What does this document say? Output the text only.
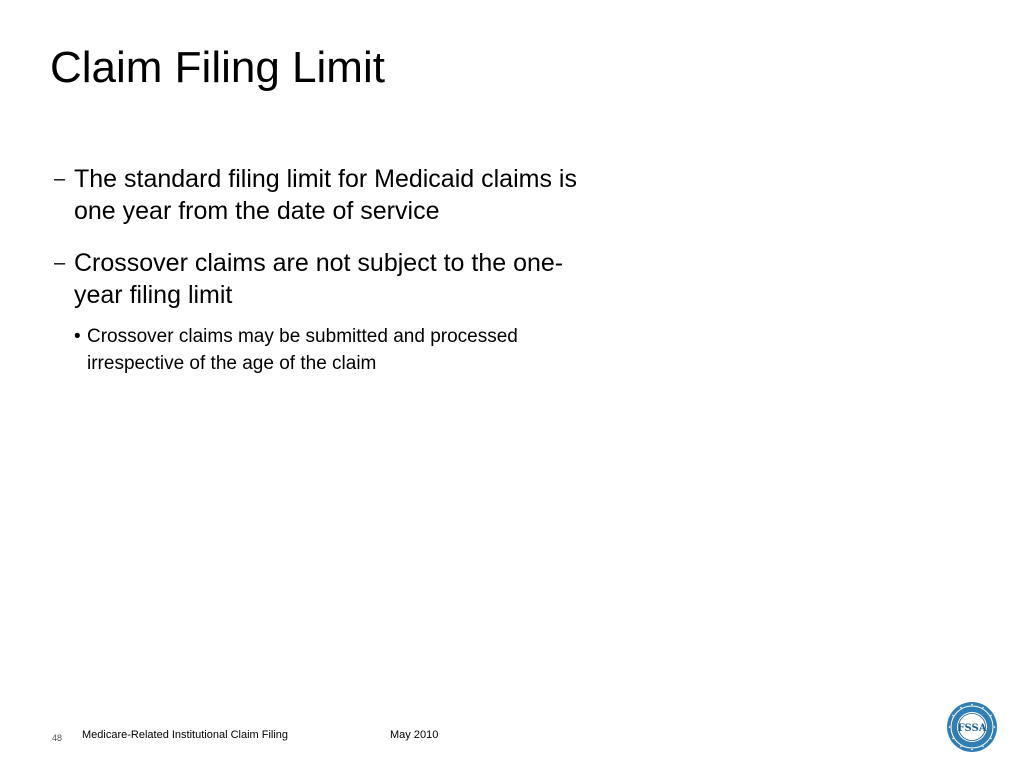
Claim Filing Limit
– The standard filing limit for Medicaid claims is one year from the date of service
– Crossover claims are not subject to the one-year filing limit
• Crossover claims may be submitted and processed irrespective of the age of the claim
48 Medicare-Related Institutional Claim Filing	May 2010
FSSA
